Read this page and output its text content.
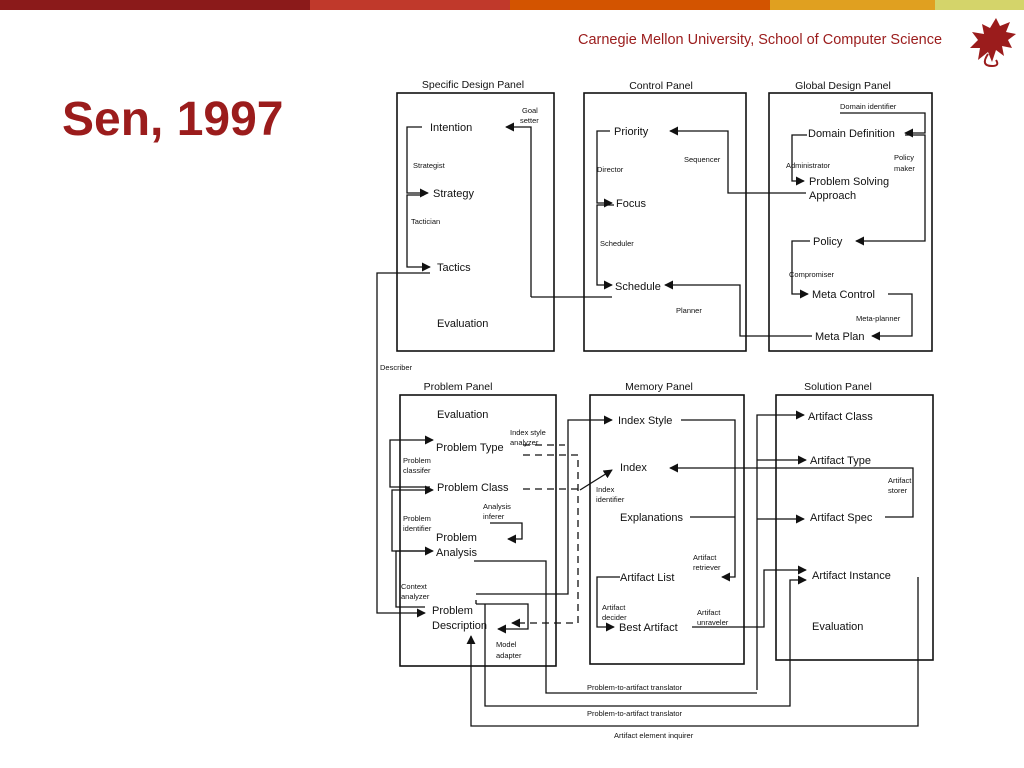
Carnegie Mellon University, School of Computer Science
Sen, 1997
Specific Design Panel	Control Panel	Global Design Panel
Problem Panel	Memory Panel	Solution Panel
Intention
Strategy
Tactics
Evaluation
Priority
Focus
Schedule
Domain Definition
Problem Solving
Approach
Policy
Meta Control
Meta Plan
Evaluation
Problem Type
Problem Class
Problem
Analysis
Problem
Description
Index Style
Index
Explanations
Artifact List
Best Artifact
Artifact Class
Artifact Type
Artifact Spec
Artifact Instance
Evaluation
Goal
setter
Strategist
Tactician
Director
Sequencer
Scheduler
Planner
Domain identifier
Administrator
Policy
maker
Compromiser
Meta-planner
Describer
Index style
analyzer
Problem
classifer
Problem
identifier
Analysis
inferer
Context
analyzer
Model
adapter
Index
identifier
Artifact
retriever
Artifact
decider
Artifact
unraveler
Artifact
storer
Problem-to-artifact translator
Problem-to-artifact translator
Artifact element inquirer
